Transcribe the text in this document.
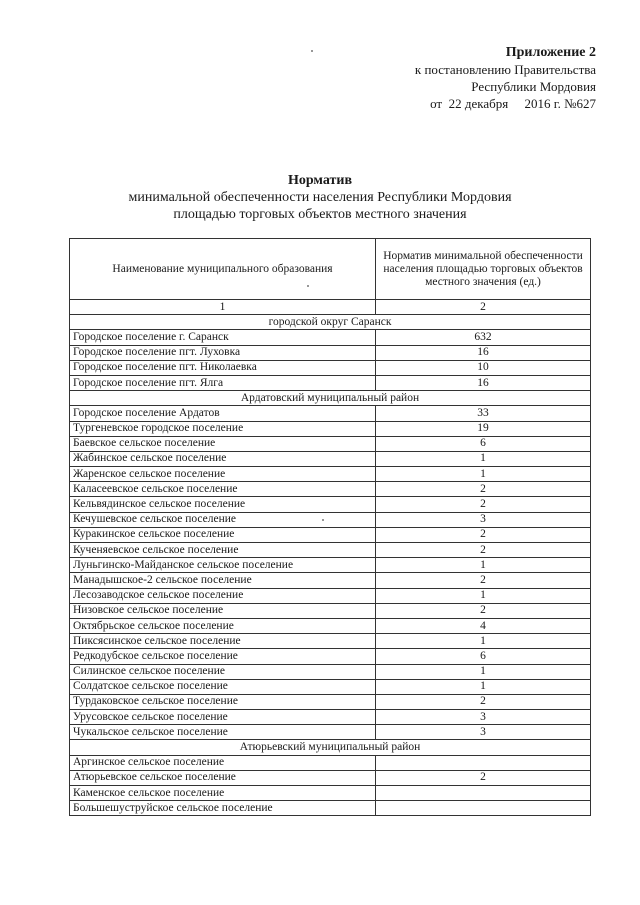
Приложение 2
к постановлению Правительства
Республики Мордовия
от  22 декабря     2016 г. №627
Норматив
минимальной обеспеченности населения Республики Мордовия
площадью торговых объектов местного значения
Наименование муниципального образования	Норматив минимальной обеспеченности населения площадью торговых объектов местного значения (ед.)
1	2
городской округ Саранск	
Городское поселение г. Саранск	632
Городское поселение пгт. Луховка	16
Городское поселение пгт. Николаевка	10
Городское поселение пгт. Ялга	16
Ардатовский муниципальный район	
Городское поселение Ардатов	33
Тургеневское городское поселение	19
Баевское сельское поселение	6
Жабинское сельское поселение	1
Жаренское сельское поселение	1
Каласеевское сельское поселение	2
Кельвядинское сельское поселение	2
Кечушевское сельское поселение	3
Куракинское сельское поселение	2
Кученяевское сельское поселение	2
Луньгинско-Майданское сельское поселение	1
Манадышское-2 сельское поселение	2
Лесозаводское сельское поселение	1
Низовское сельское поселение	2
Октябрьское сельское поселение	4
Пиксясинское сельское поселение	1
Редкодубское сельское поселение	6
Силинское сельское поселение	1
Солдатское сельское поселение	1
Турдаковское сельское поселение	2
Урусовское сельское поселение	3
Чукальское сельское поселение	3
Атюрьевский муниципальный район	
Аргинское сельское поселение	
Атюрьевское сельское поселение	2
Каменское сельское поселение	
Большешуструйское сельское поселение	
